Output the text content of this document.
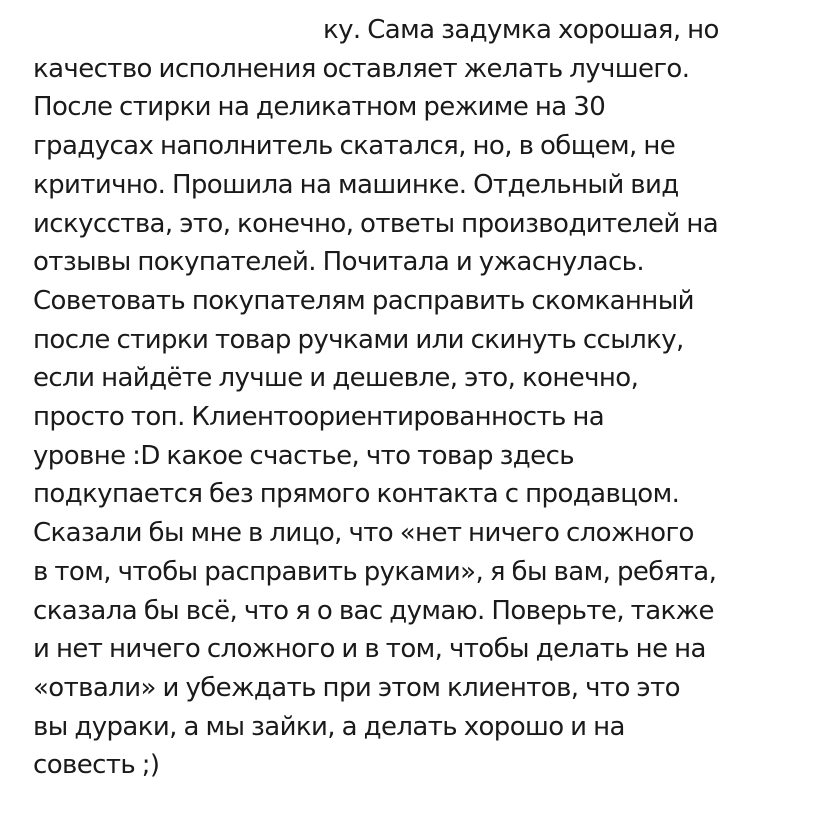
ку. Сама задумка хорошая, но
качество исполнения оставляет желать лучшего.
После стирки на деликатном режиме на 30
градусах наполнитель скатался, но, в общем, не
критично. Прошила на машинке. Отдельный вид
искусства, это, конечно, ответы производителей на
отзывы покупателей. Почитала и ужаснулась.
Советовать покупателям расправить скомканный
после стирки товар ручками или скинуть ссылку,
если найдёте лучше и дешевле, это, конечно,
просто топ. Клиентоориентированность на
уровне :D какое счастье, что товар здесь
подкупается без прямого контакта с продавцом.
Сказали бы мне в лицо, что «нет ничего сложного
в том, чтобы расправить руками», я бы вам, ребята,
сказала бы всё, что я о вас думаю. Поверьте, также
и нет ничего сложного и в том, чтобы делать не на
«отвали» и убеждать при этом клиентов, что это
вы дураки, а мы зайки, а делать хорошо и на
совесть ;)
